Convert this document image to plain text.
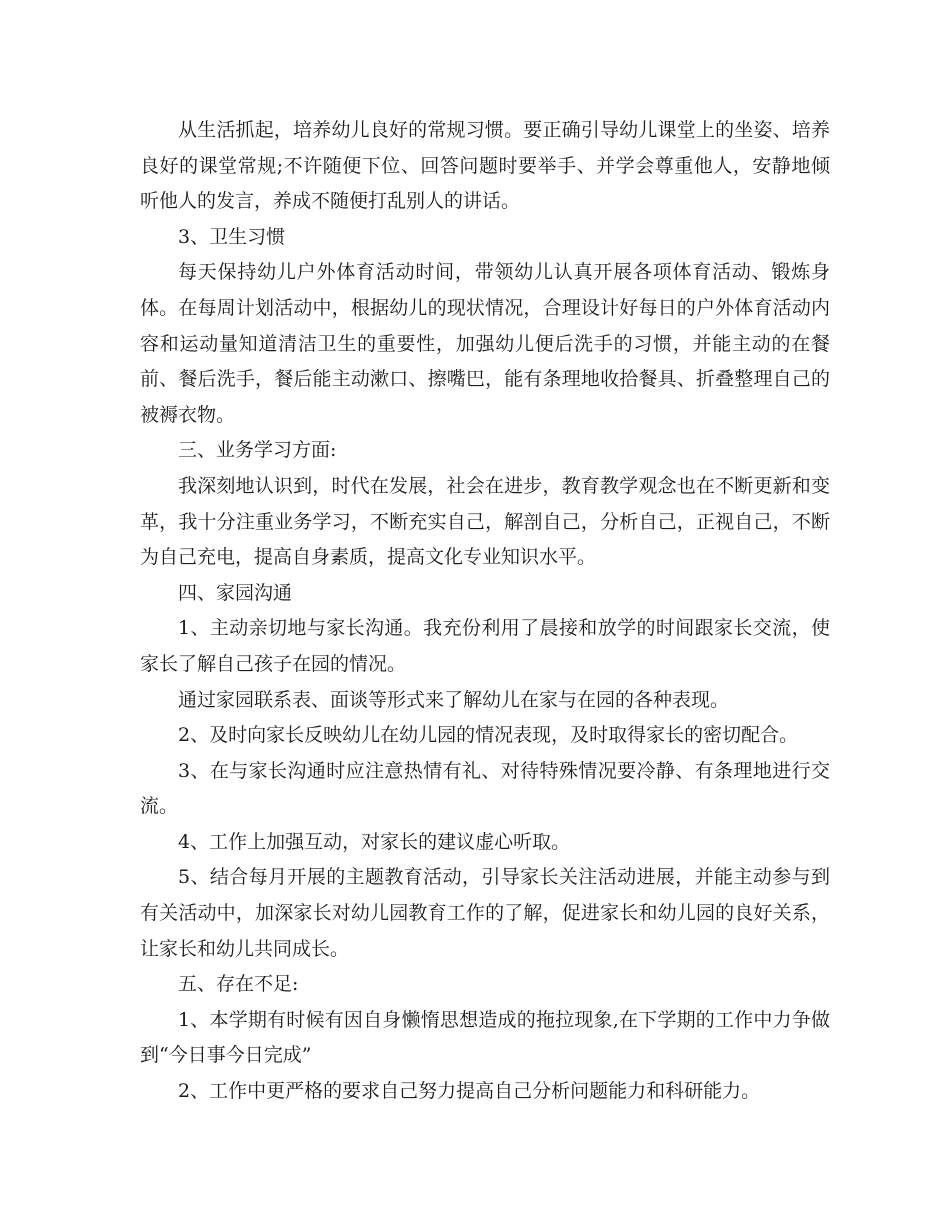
从生活抓起，培养幼儿良好的常规习惯。要正确引导幼儿课堂上的坐姿、培养良好的课堂常规;不许随便下位、回答问题时要举手、并学会尊重他人，安静地倾听他人的发言，养成不随便打乱别人的讲话。

3、卫生习惯

每天保持幼儿户外体育活动时间，带领幼儿认真开展各项体育活动、锻炼身体。在每周计划活动中，根据幼儿的现状情况，合理设计好每日的户外体育活动内容和运动量知道清洁卫生的重要性，加强幼儿便后洗手的习惯，并能主动的在餐前、餐后洗手，餐后能主动漱口、擦嘴巴，能有条理地收拾餐具、折叠整理自己的被褥衣物。

三、业务学习方面:

我深刻地认识到，时代在发展，社会在进步，教育教学观念也在不断更新和变革，我十分注重业务学习，不断充实自己，解剖自己，分析自己，正视自己，不断为自己充电，提高自身素质，提高文化专业知识水平。

四、家园沟通

1、主动亲切地与家长沟通。我充份利用了晨接和放学的时间跟家长交流，使家长了解自己孩子在园的情况。

通过家园联系表、面谈等形式来了解幼儿在家与在园的各种表现。

2、及时向家长反映幼儿在幼儿园的情况表现，及时取得家长的密切配合。

3、在与家长沟通时应注意热情有礼、对待特殊情况要冷静、有条理地进行交流。

4、工作上加强互动，对家长的建议虚心听取。

5、结合每月开展的主题教育活动，引导家长关注活动进展，并能主动参与到有关活动中，加深家长对幼儿园教育工作的了解，促进家长和幼儿园的良好关系，让家长和幼儿共同成长。

五、存在不足:

1、本学期有时候有因自身懒惰思想造成的拖拉现象,在下学期的工作中力争做到“今日事今日完成”

2、工作中更严格的要求自己努力提高自己分析问题能力和科研能力。
